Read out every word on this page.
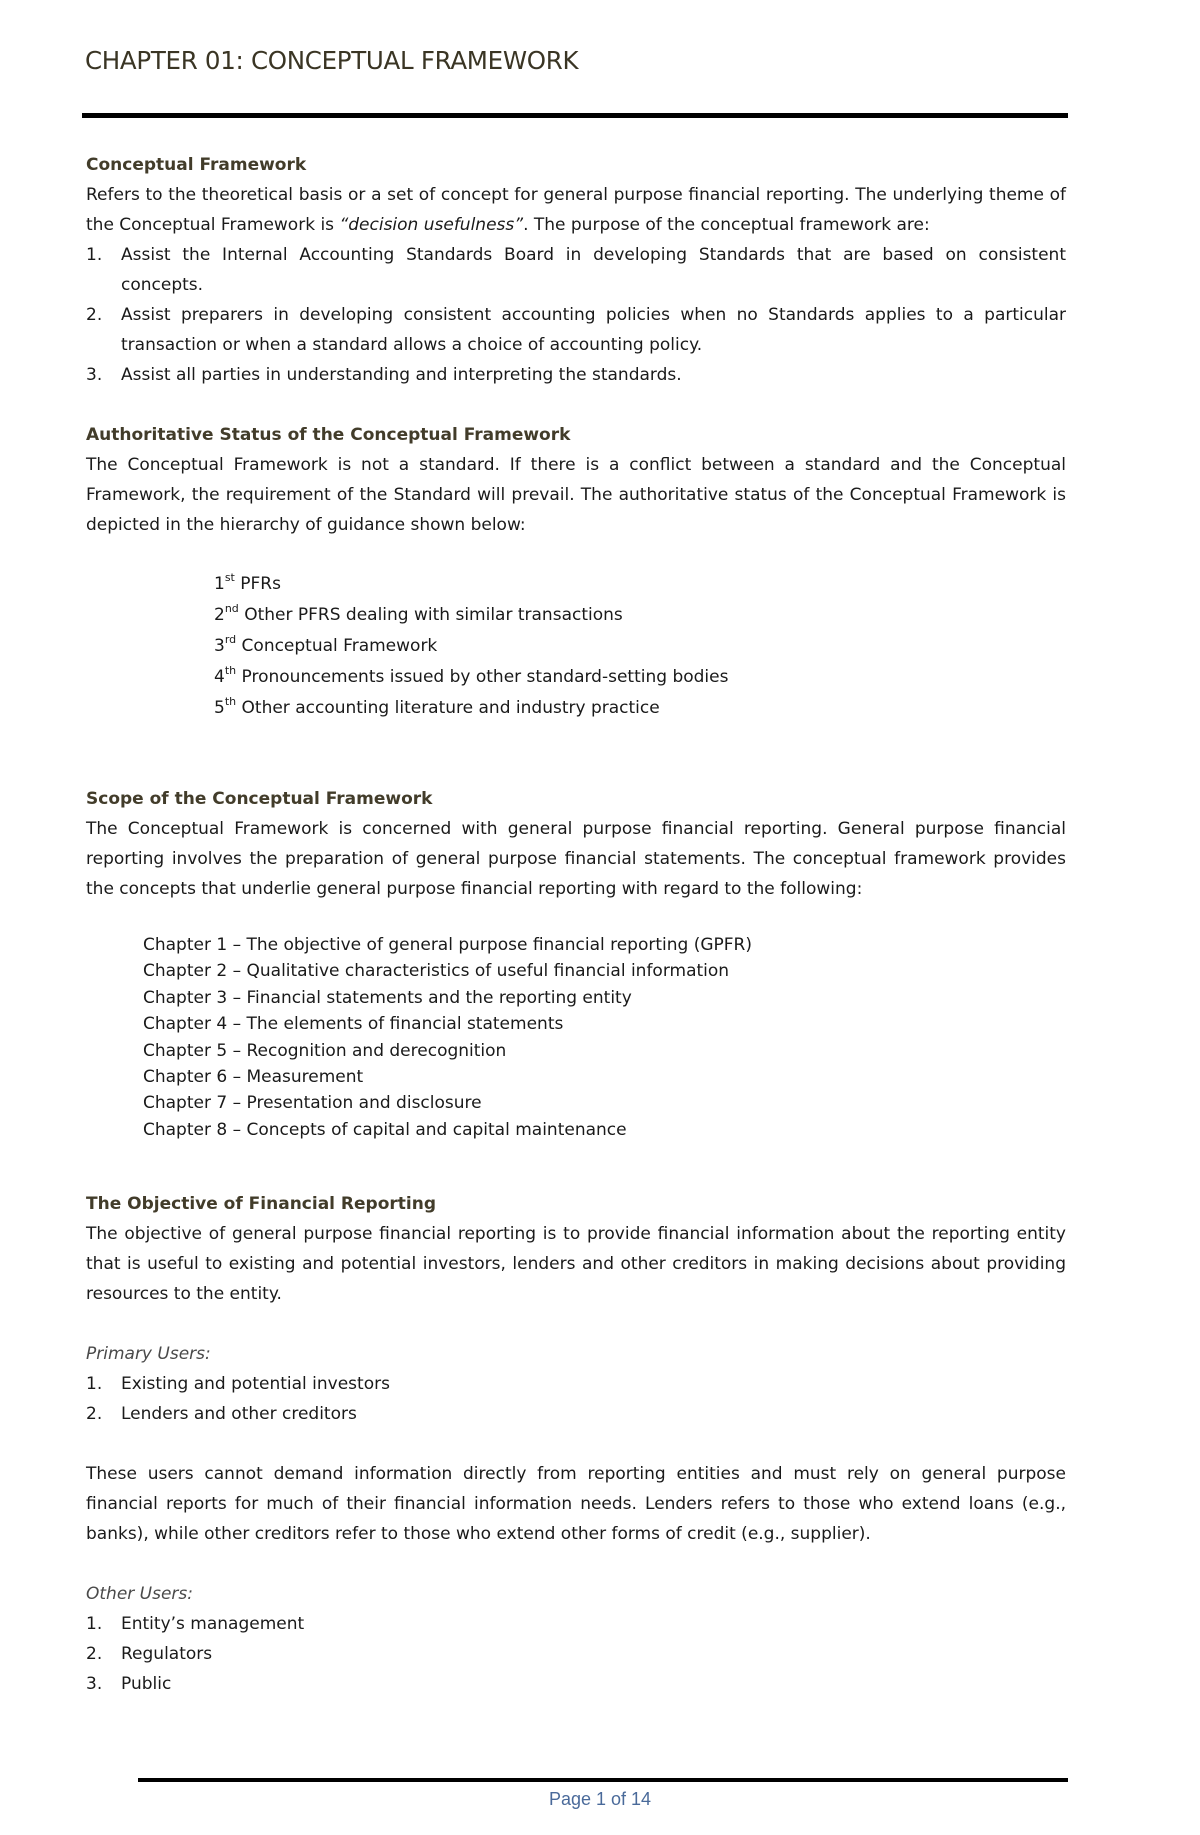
CHAPTER 01: CONCEPTUAL FRAMEWORK
Conceptual Framework

Refers to the theoretical basis or a set of concept for general purpose financial reporting. The underlying theme of the Conceptual Framework is “decision usefulness”. The purpose of the conceptual framework are:

1. Assist the Internal Accounting Standards Board in developing Standards that are based on consistent concepts.
2. Assist preparers in developing consistent accounting policies when no Standards applies to a particular transaction or when a standard allows a choice of accounting policy.
3. Assist all parties in understanding and interpreting the standards.
Authoritative Status of the Conceptual Framework

The Conceptual Framework is not a standard. If there is a conflict between a standard and the Conceptual Framework, the requirement of the Standard will prevail. The authoritative status of the Conceptual Framework is depicted in the hierarchy of guidance shown below:

1st PFRs
2nd Other PFRS dealing with similar transactions
3rd Conceptual Framework
4th Pronouncements issued by other standard-setting bodies
5th Other accounting literature and industry practice
Scope of the Conceptual Framework

The Conceptual Framework is concerned with general purpose financial reporting. General purpose financial reporting involves the preparation of general purpose financial statements. The conceptual framework provides the concepts that underlie general purpose financial reporting with regard to the following:

Chapter 1 – The objective of general purpose financial reporting (GPFR)
Chapter 2 – Qualitative characteristics of useful financial information
Chapter 3 – Financial statements and the reporting entity
Chapter 4 – The elements of financial statements
Chapter 5 – Recognition and derecognition
Chapter 6 – Measurement
Chapter 7 – Presentation and disclosure
Chapter 8 – Concepts of capital and capital maintenance
The Objective of Financial Reporting

The objective of general purpose financial reporting is to provide financial information about the reporting entity that is useful to existing and potential investors, lenders and other creditors in making decisions about providing resources to the entity.

Primary Users:

1. Existing and potential investors
2. Lenders and other creditors

These users cannot demand information directly from reporting entities and must rely on general purpose financial reports for much of their financial information needs. Lenders refers to those who extend loans (e.g., banks), while other creditors refer to those who extend other forms of credit (e.g., supplier).

Other Users:

1. Entity’s management
2. Regulators
3. Public
Page 1 of 14
